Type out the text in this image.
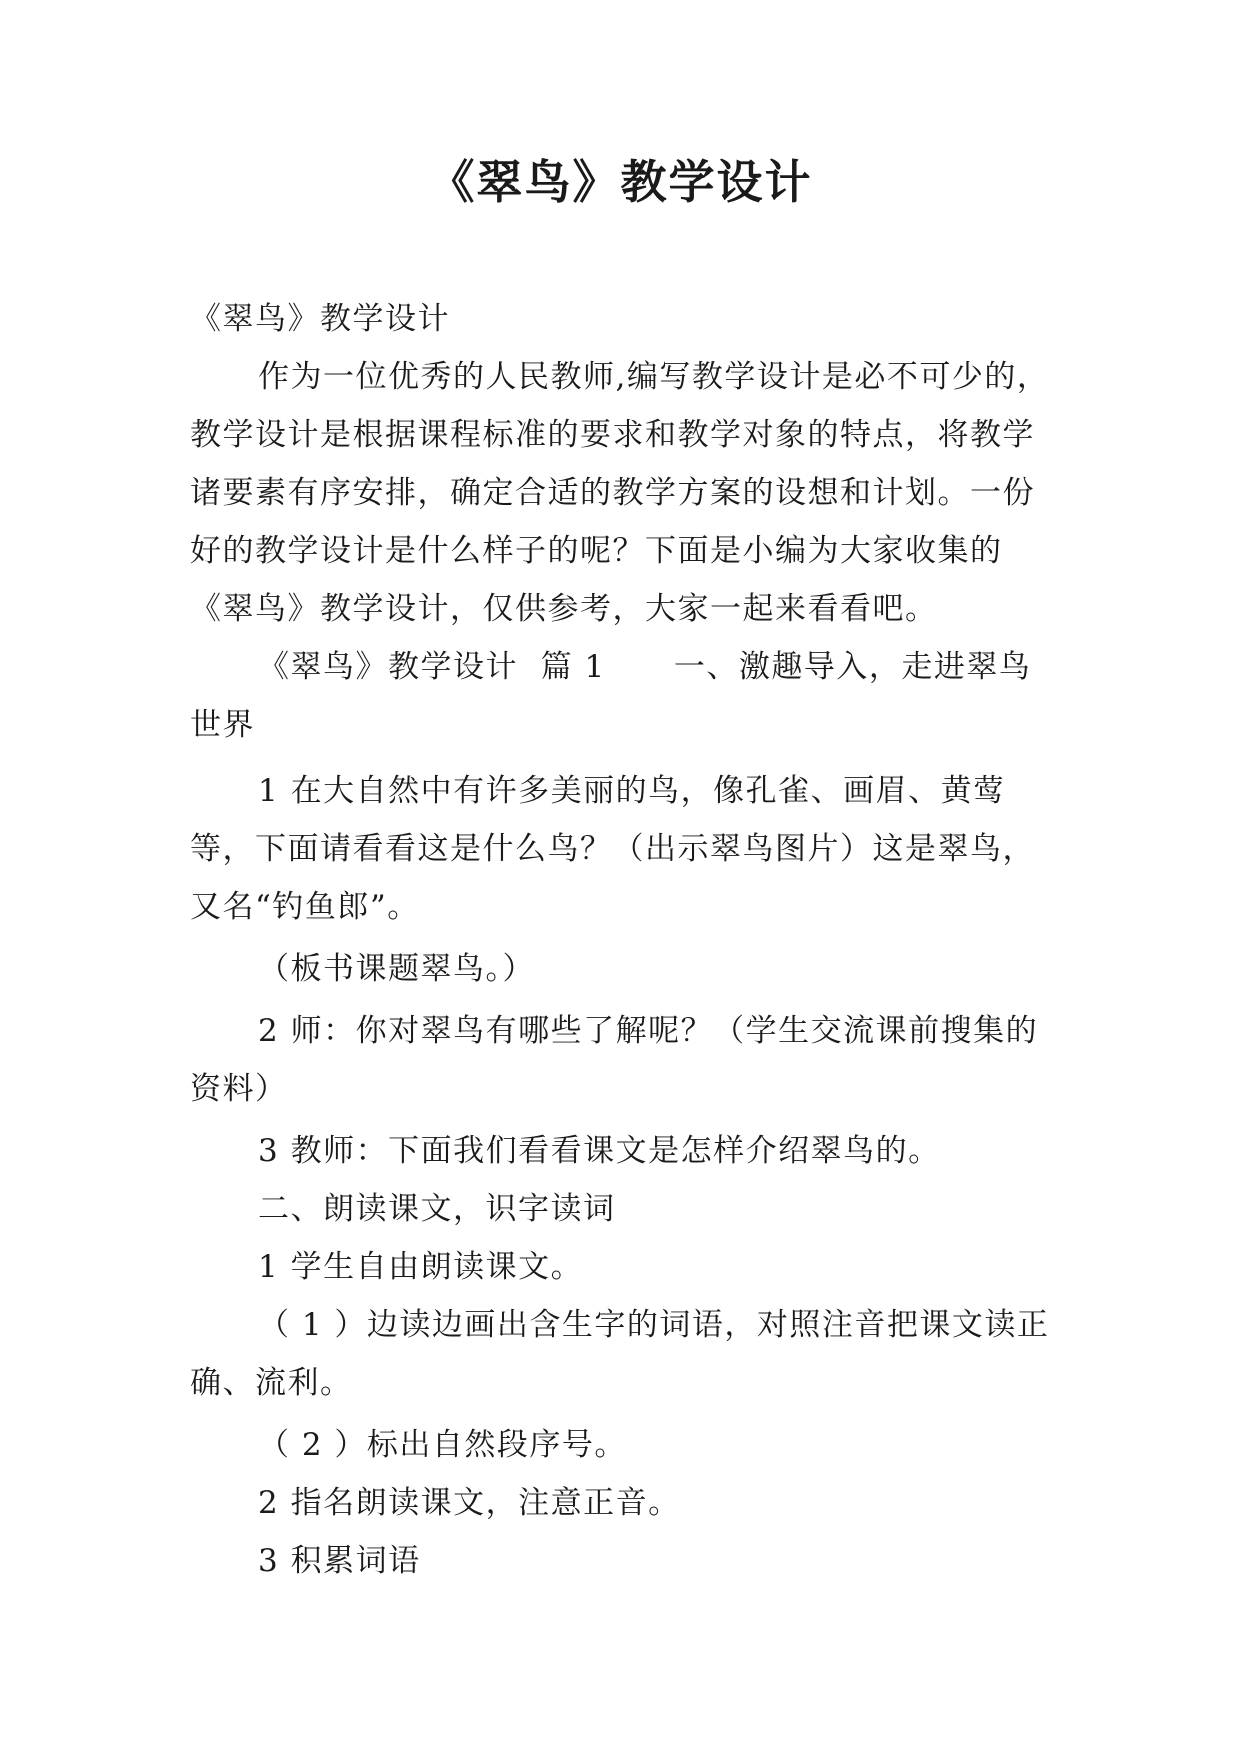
《翠鸟》教学设计

《翠鸟》教学设计

作为一位优秀的人民教师,编写教学设计是必不可少的，教学设计是根据课程标准的要求和教学对象的特点，将教学诸要素有序安排，确定合适的教学方案的设想和计划。一份好的教学设计是什么样子的呢？下面是小编为大家收集的《翠鸟》教学设计，仅供参考，大家一起来看看吧。

《翠鸟》教学设计  篇 1      一、激趣导入，走进翠鸟世界

1 在大自然中有许多美丽的鸟，像孔雀、画眉、黄莺等，下面请看看这是什么鸟？（出示翠鸟图片）这是翠鸟，又名“钓鱼郎”。

（板书课题翠鸟。）

2 师：你对翠鸟有哪些了解呢？（学生交流课前搜集的资料）

3 教师：下面我们看看课文是怎样介绍翠鸟的。

二、朗读课文，识字读词

1 学生自由朗读课文。

（ 1 ）边读边画出含生字的词语，对照注音把课文读正确、流利。

（ 2 ）标出自然段序号。

2 指名朗读课文，注意正音。

3 积累词语
